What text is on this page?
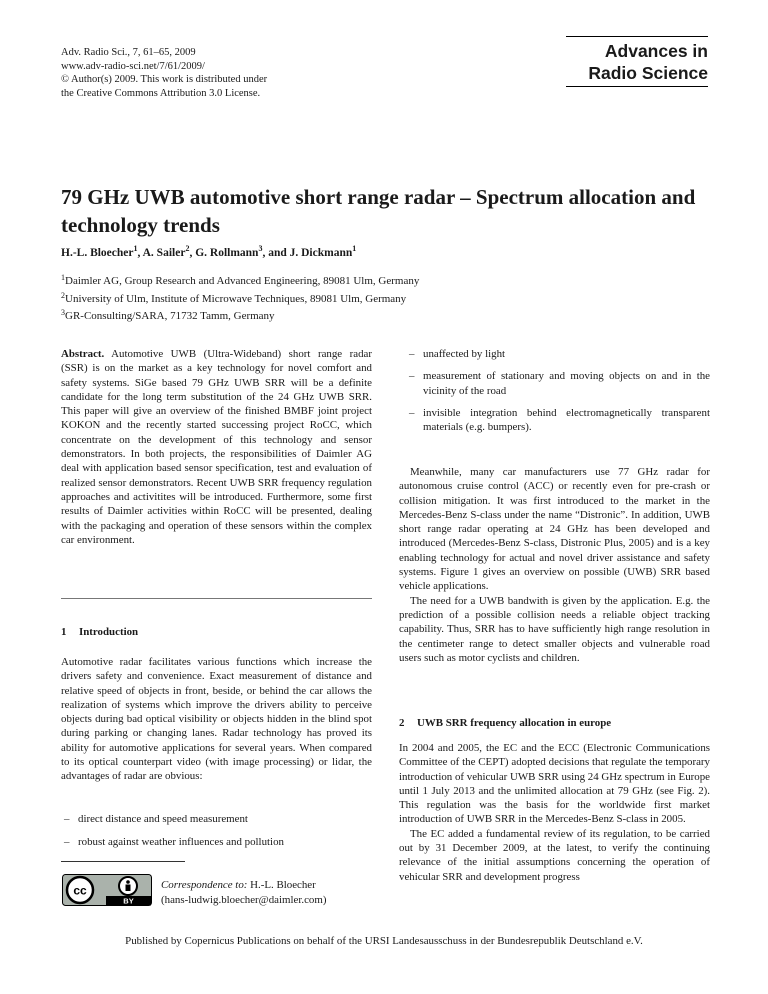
Adv. Radio Sci., 7, 61–65, 2009
www.adv-radio-sci.net/7/61/2009/
© Author(s) 2009. This work is distributed under
the Creative Commons Attribution 3.0 License.
Advances in
Radio Science
79 GHz UWB automotive short range radar – Spectrum allocation and technology trends
H.-L. Bloecher$^1$, A. Sailer$^2$, G. Rollmann$^3$, and J. Dickmann$^1$
$^1$Daimler AG, Group Research and Advanced Engineering, 89081 Ulm, Germany
$^2$University of Ulm, Institute of Microwave Techniques, 89081 Ulm, Germany
$^3$GR-Consulting/SARA, 71732 Tamm, Germany

Abstract. Automotive UWB (Ultra-Wideband) short range radar (SSR) is on the market as a key technology for novel comfort and safety systems. SiGe based 79 GHz UWB SRR will be a definite candidate for the long term substitution of the 24 GHz UWB SRR. This paper will give an overview of the finished BMBF joint project KOKON and the recently started successing project RoCC, which concentrate on the development of this technology and sensor demonstrators. In both projects, the responsibilities of Daimler AG deal with application based sensor specification, test and evaluation of realized sensor demonstrators. Recent UWB SRR frequency regulation approaches and activitites will be introduced. Furthermore, some first results of Daimler activities within RoCC will be presented, dealing with the packaging and operation of these sensors within the complex car environment.

1 Introduction

Automotive radar facilitates various functions which increase the drivers safety and convenience. Exact measurement of distance and relative speed of objects in front, beside, or behind the car allows the realization of systems which improve the drivers ability to perceive objects during bad optical visibility or objects hidden in the blind spot during parking or changing lanes. Radar technology has proved its ability for automotive applications for several years. When compared to its optical counterpart video (with image processing) or lidar, the advantages of radar are obvious:

– direct distance and speed measurement
– robust against weather influences and pollution
cc
BY
Correspondence to: H.-L. Bloecher
(hans-ludwig.bloecher@daimler.com)
– unaffected by light
– measurement of stationary and moving objects on and in the vicinity of the road
– invisible integration behind electromagnetically transparent materials (e.g. bumpers).

Meanwhile, many car manufacturers use 77 GHz radar for autonomous cruise control (ACC) or recently even for pre-crash or collision mitigation. It was first introduced to the market in the Mercedes-Benz S-class under the name “Distronic”. In addition, UWB short range radar operating at 24 GHz has been developed and introduced (Mercedes-Benz S-class, Distronic Plus, 2005) and is a key enabling technology for actual and novel driver assistance and safety systems. Figure 1 gives an overview on possible (UWB) SRR based vehicle applications.

The need for a UWB bandwith is given by the application. E.g. the prediction of a possible collision needs a reliable object tracking capability. Thus, SRR has to have sufficiently high range resolution in the centimeter range to detect smaller objects and vulnerable road users such as motor cyclists and children.

2 UWB SRR frequency allocation in europe

In 2004 and 2005, the EC and the ECC (Electronic Communications Committee of the CEPT) adopted decisions that regulate the temporary introduction of vehicular UWB SRR using 24 GHz spectrum in Europe until 1 July 2013 and the unlimited allocation at 79 GHz (see Fig. 2). This regulation was the basis for the worldwide first market introduction of UWB SRR in the Mercedes-Benz S-class in 2005.

The EC added a fundamental review of its regulation, to be carried out by 31 December 2009, at the latest, to verify the continuing relevance of the initial assumptions concerning the operation of vehicular SRR and development progress

Published by Copernicus Publications on behalf of the URSI Landesausschuss in der Bundesrepublik Deutschland e.V.
